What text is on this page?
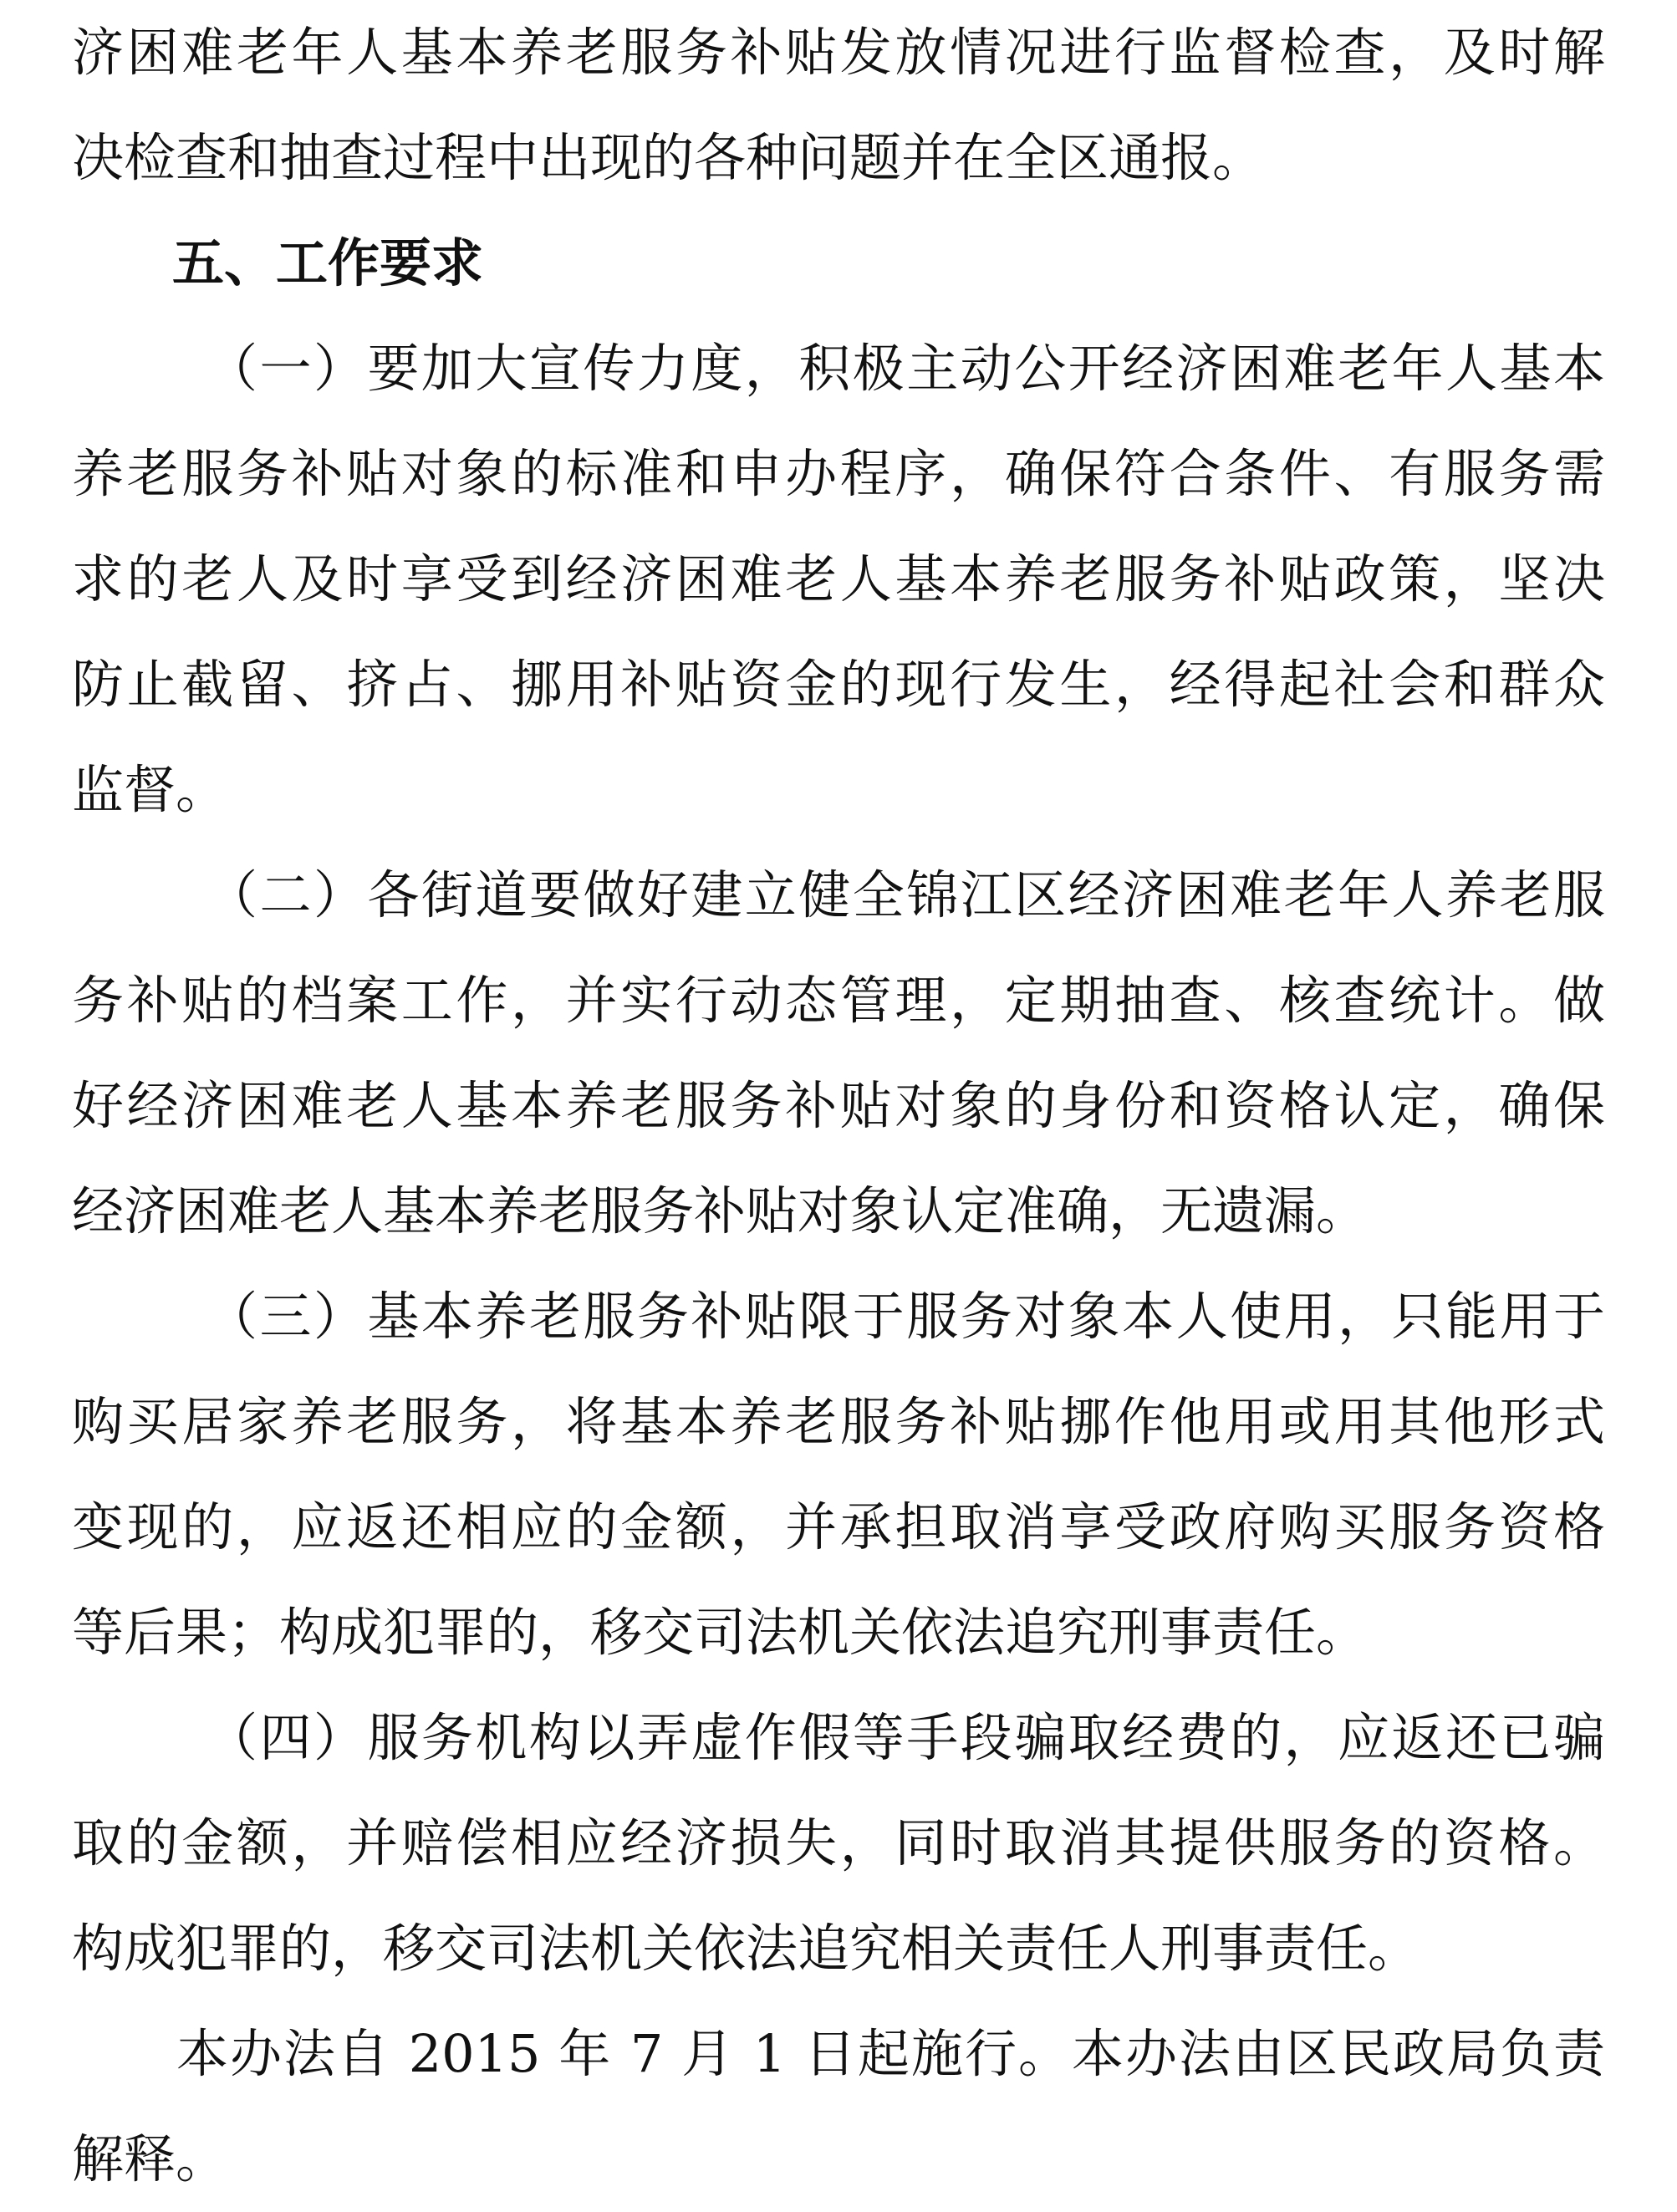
济困难老年人基本养老服务补贴发放情况进行监督检查，及时解
决检查和抽查过程中出现的各种问题并在全区通报。
五、工作要求
（一）要加大宣传力度，积极主动公开经济困难老年人基本
养老服务补贴对象的标准和申办程序，确保符合条件、有服务需
求的老人及时享受到经济困难老人基本养老服务补贴政策，坚决
防止截留、挤占、挪用补贴资金的现行发生，经得起社会和群众
监督。
（二）各街道要做好建立健全锦江区经济困难老年人养老服
务补贴的档案工作，并实行动态管理，定期抽查、核查统计。做
好经济困难老人基本养老服务补贴对象的身份和资格认定，确保
经济困难老人基本养老服务补贴对象认定准确，无遗漏。
（三）基本养老服务补贴限于服务对象本人使用，只能用于
购买居家养老服务，将基本养老服务补贴挪作他用或用其他形式
变现的，应返还相应的金额，并承担取消享受政府购买服务资格
等后果；构成犯罪的，移交司法机关依法追究刑事责任。
（四）服务机构以弄虚作假等手段骗取经费的，应返还已骗
取的金额，并赔偿相应经济损失，同时取消其提供服务的资格。
构成犯罪的，移交司法机关依法追究相关责任人刑事责任。
本办法自 2015 年 7 月 1 日起施行。本办法由区民政局负责
解释。
